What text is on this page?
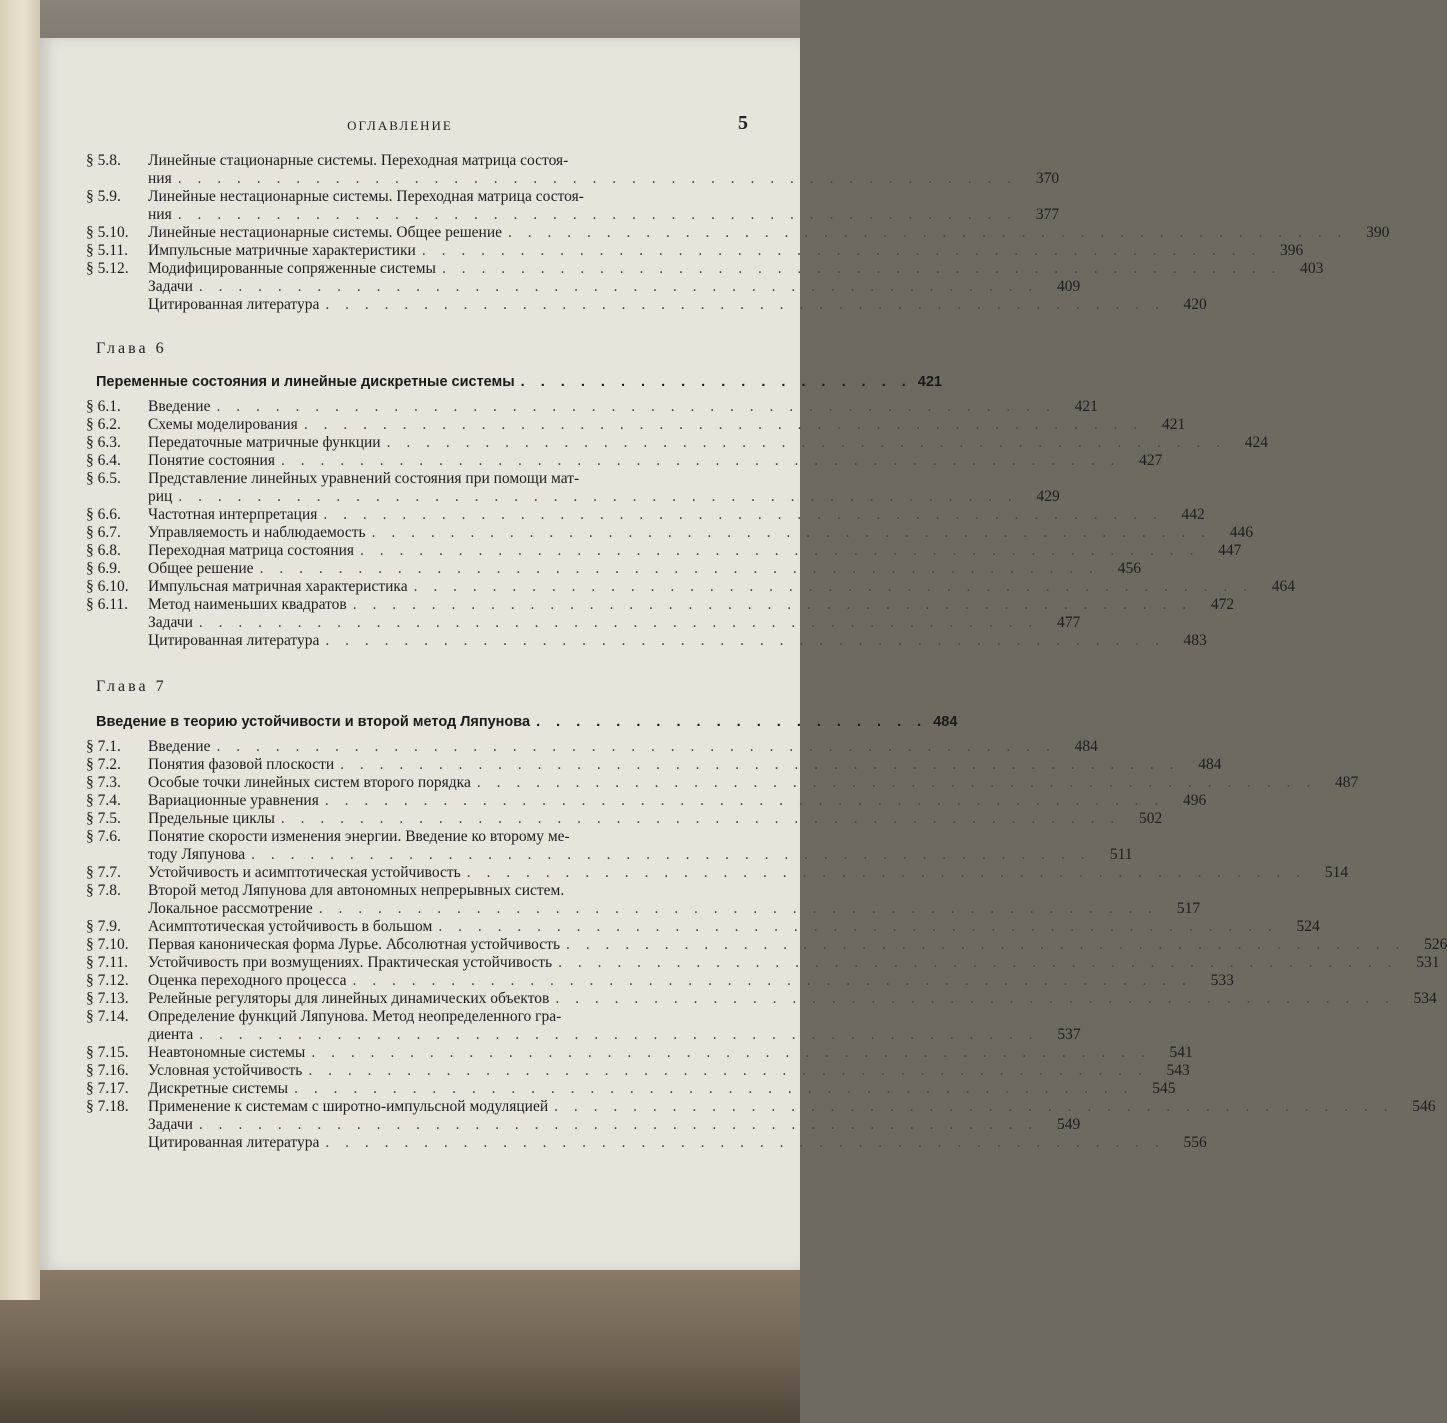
ОГЛАВЛЕНИЕ	5
§ 5.8.	Линейные стационарные системы. Переходная матрица состоя-
ния . . . . . . . . . . . . . . . . . . . . . . . . . . . . . . . . . . . . . . . . . . .	370
§ 5.9.	Линейные нестационарные системы. Переходная матрица состоя-
ния . . . . . . . . . . . . . . . . . . . . . . . . . . . . . . . . . . . . . . . . . . .	377
§ 5.10.	Линейные нестационарные системы. Общее решение . . . . . . . . . . . . . . . . . . . . . . . . . . . . . . . . . . . . . . . . . . .	390
§ 5.11.	Импульсные матричные характеристики . . . . . . . . . . . . . . . . . . . . . . . . . . . . . . . . . . . . . . . . . . .	396
§ 5.12.	Модифицированные сопряженные системы . . . . . . . . . . . . . . . . . . . . . . . . . . . . . . . . . . . . . . . . . . .	403
Задачи . . . . . . . . . . . . . . . . . . . . . . . . . . . . . . . . . . . . . . . . . . .	409
Цитированная литература . . . . . . . . . . . . . . . . . . . . . . . . . . . . . . . . . . . . . . . . . . .	420
Глава 6
Переменные состояния и линейные дискретные системы . . . . . . . . . . . . . . . . . . . . 421
§ 6.1.	Введение . . . . . . . . . . . . . . . . . . . . . . . . . . . . . . . . . . . . . . . . . . .	421
§ 6.2.	Схемы моделирования . . . . . . . . . . . . . . . . . . . . . . . . . . . . . . . . . . . . . . . . . . .	421
§ 6.3.	Передаточные матричные функции . . . . . . . . . . . . . . . . . . . . . . . . . . . . . . . . . . . . . . . . . . .	424
§ 6.4.	Понятие состояния . . . . . . . . . . . . . . . . . . . . . . . . . . . . . . . . . . . . . . . . . . .	427
§ 6.5.	Представление линейных уравнений состояния при помощи мат-
риц . . . . . . . . . . . . . . . . . . . . . . . . . . . . . . . . . . . . . . . . . . .	429
§ 6.6.	Частотная интерпретация . . . . . . . . . . . . . . . . . . . . . . . . . . . . . . . . . . . . . . . . . . .	442
§ 6.7.	Управляемость и наблюдаемость . . . . . . . . . . . . . . . . . . . . . . . . . . . . . . . . . . . . . . . . . . .	446
§ 6.8.	Переходная матрица состояния . . . . . . . . . . . . . . . . . . . . . . . . . . . . . . . . . . . . . . . . . . .	447
§ 6.9.	Общее решение . . . . . . . . . . . . . . . . . . . . . . . . . . . . . . . . . . . . . . . . . . .	456
§ 6.10.	Импульсная матричная характеристика . . . . . . . . . . . . . . . . . . . . . . . . . . . . . . . . . . . . . . . . . . .	464
§ 6.11.	Метод наименьших квадратов . . . . . . . . . . . . . . . . . . . . . . . . . . . . . . . . . . . . . . . . . . .	472
Задачи . . . . . . . . . . . . . . . . . . . . . . . . . . . . . . . . . . . . . . . . . . .	477
Цитированная литература . . . . . . . . . . . . . . . . . . . . . . . . . . . . . . . . . . . . . . . . . . .	483
Глава 7
Введение в теорию устойчивости и второй метод Ляпунова . . . . . . . . . . . . . . . . . . . . 484
§ 7.1.	Введение . . . . . . . . . . . . . . . . . . . . . . . . . . . . . . . . . . . . . . . . . . .	484
§ 7.2.	Понятия фазовой плоскости . . . . . . . . . . . . . . . . . . . . . . . . . . . . . . . . . . . . . . . . . . .	484
§ 7.3.	Особые точки линейных систем второго порядка . . . . . . . . . . . . . . . . . . . . . . . . . . . . . . . . . . . . . . . . . . .	487
§ 7.4.	Вариационные уравнения . . . . . . . . . . . . . . . . . . . . . . . . . . . . . . . . . . . . . . . . . . .	496
§ 7.5.	Предельные циклы . . . . . . . . . . . . . . . . . . . . . . . . . . . . . . . . . . . . . . . . . . .	502
§ 7.6.	Понятие скорости изменения энергии. Введение ко второму ме-
тоду Ляпунова . . . . . . . . . . . . . . . . . . . . . . . . . . . . . . . . . . . . . . . . . . .	511
§ 7.7.	Устойчивость и асимптотическая устойчивость . . . . . . . . . . . . . . . . . . . . . . . . . . . . . . . . . . . . . . . . . . .	514
§ 7.8.	Второй метод Ляпунова для автономных непрерывных систем.
Локальное рассмотрение . . . . . . . . . . . . . . . . . . . . . . . . . . . . . . . . . . . . . . . . . . .	517
§ 7.9.	Асимптотическая устойчивость в большом . . . . . . . . . . . . . . . . . . . . . . . . . . . . . . . . . . . . . . . . . . .	524
§ 7.10.	Первая каноническая форма Лурье. Абсолютная устойчивость . . . . . . . . . . . . . . . . . . . . . . . . . . . . . . . . . . . . . . . . . . .	526
§ 7.11.	Устойчивость при возмущениях. Практическая устойчивость . . . . . . . . . . . . . . . . . . . . . . . . . . . . . . . . . . . . . . . . . . .	531
§ 7.12.	Оценка переходного процесса . . . . . . . . . . . . . . . . . . . . . . . . . . . . . . . . . . . . . . . . . . .	533
§ 7.13.	Релейные регуляторы для линейных динамических объектов . . . . . . . . . . . . . . . . . . . . . . . . . . . . . . . . . . . . . . . . . . .	534
§ 7.14.	Определение функций Ляпунова. Метод неопределенного гра-
диента . . . . . . . . . . . . . . . . . . . . . . . . . . . . . . . . . . . . . . . . . . .	537
§ 7.15.	Неавтономные системы . . . . . . . . . . . . . . . . . . . . . . . . . . . . . . . . . . . . . . . . . . .	541
§ 7.16.	Условная устойчивость . . . . . . . . . . . . . . . . . . . . . . . . . . . . . . . . . . . . . . . . . . .	543
§ 7.17.	Дискретные системы . . . . . . . . . . . . . . . . . . . . . . . . . . . . . . . . . . . . . . . . . . .	545
§ 7.18.	Применение к системам с широтно-импульсной модуляцией . . . . . . . . . . . . . . . . . . . . . . . . . . . . . . . . . . . . . . . . . . .	546
Задачи . . . . . . . . . . . . . . . . . . . . . . . . . . . . . . . . . . . . . . . . . . .	549
Цитированная литература . . . . . . . . . . . . . . . . . . . . . . . . . . . . . . . . . . . . . . . . . . .	556
